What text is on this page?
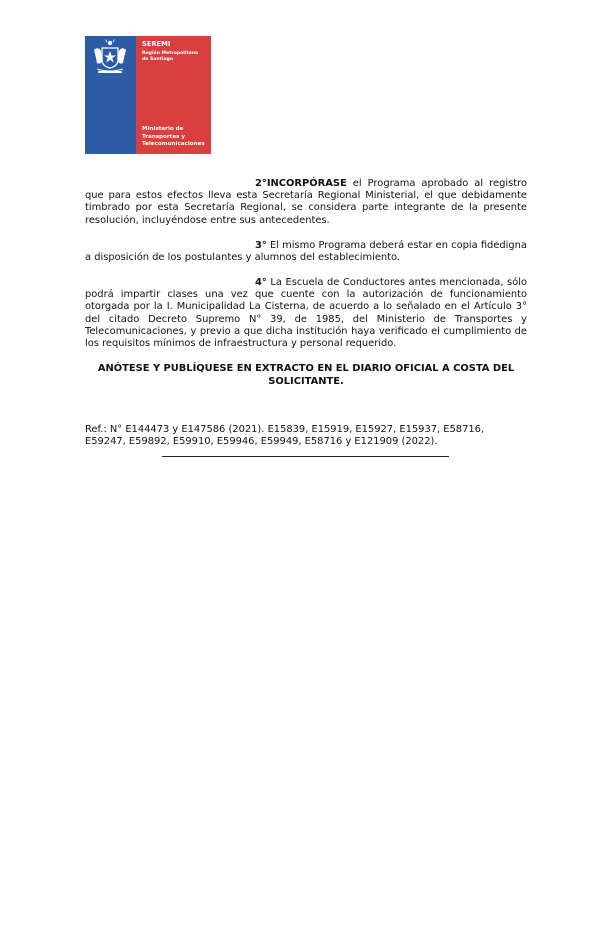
SEREMI
Región Metropolitana
de Santiago
Ministerio de
Transportes y
Telecomunicaciones

2°INCORPÓRASE el Programa aprobado al registro que para estos efectos lleva esta Secretaría Regional Ministerial, el que debidamente timbrado por esta Secretaría Regional, se considera parte integrante de la presente resolución, incluyéndose entre sus antecedentes.

3° El mismo Programa deberá estar en copia fidedigna a disposición de los postulantes y alumnos del establecimiento.

4° La Escuela de Conductores antes mencionada, sólo podrá impartir clases una vez que cuente con la autorización de funcionamiento otorgada por la I. Municipalidad La Cisterna, de acuerdo a lo señalado en el Artículo 3° del citado Decreto Supremo N° 39, de 1985, del Ministerio de Transportes y Telecomunicaciones, y previo a que dicha institución haya verificado el cumplimiento de los requisitos mínimos de infraestructura y personal requerido.

ANÓTESE Y PUBLÍQUESE EN EXTRACTO EN EL DIARIO OFICIAL A COSTA DEL SOLICITANTE.

Ref.: N° E144473 y E147586 (2021). E15839, E15919, E15927, E15937, E58716, E59247, E59892, E59910, E59946, E59949, E58716 y E121909 (2022).
